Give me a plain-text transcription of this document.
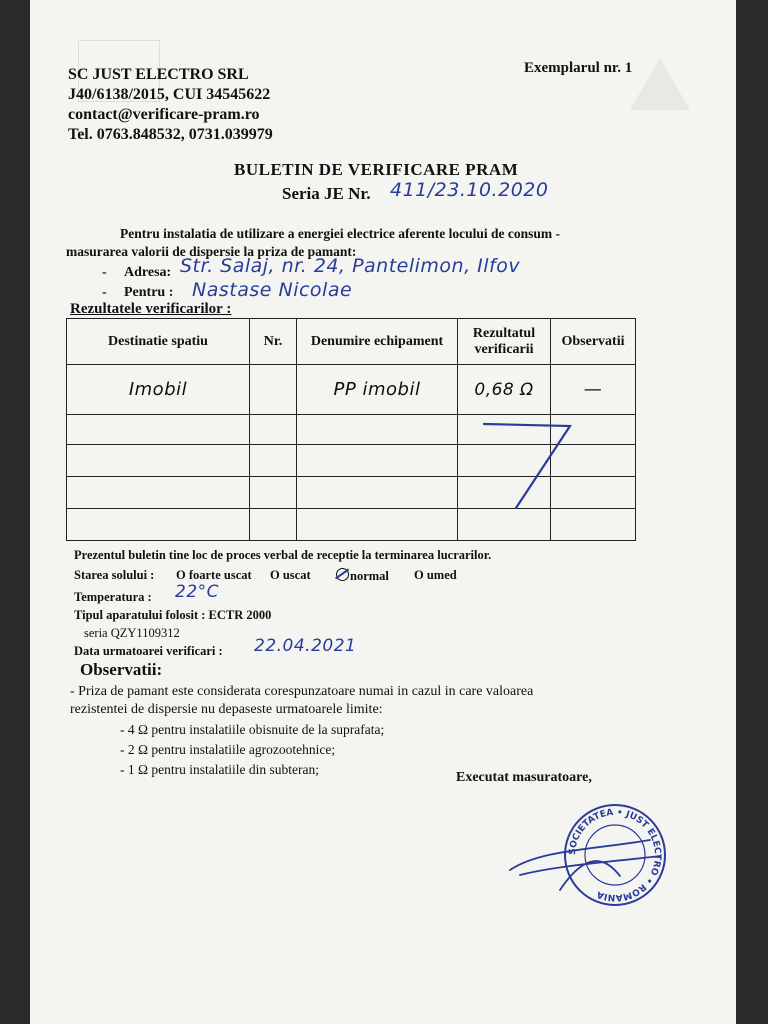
SC JUST ELECTRO SRL
J40/6138/2015, CUI 34545622
contact@verificare-pram.ro
Tel. 0763.848532, 0731.039979
Exemplarul nr. 1
BULETIN DE VERIFICARE PRAM
Seria JE Nr. 411/23.10.2020
Pentru instalatia de utilizare a energiei electrice aferente locului de consum -
masurarea valorii de dispersie la priza de pamant:
- Adresa: Str. Salaj, nr. 24, Pantelimon, Ilfov
- Pentru : Nastase Nicolae
Rezultatele verificarilor :
Destinatie spatiu	Nr.	Denumire echipament	Rezultatul verificarii	Observatii
Imobil		PP imobil	0,68 Ω	—

Prezentul buletin tine loc de proces verbal de receptie la terminarea lucrarilor.
Starea solului : O foarte uscat O uscat	normal O umed
Temperatura : 22°C
Tipul aparatului folosit : ECTR 2000
seria QZY1109312
Data urmatoarei verificari : 22.04.2021
Observatii:
- Priza de pamant este considerata corespunzatoare numai in cazul in care valoarea
rezistentei de dispersie nu depaseste urmatoarele limite:
- 4 Ω pentru instalatiile obisnuite de la suprafata;
- 2 Ω pentru instalatiile agrozootehnice;
- 1 Ω pentru instalatiile din subteran;
Executat masuratoare,
SOCIETATEA • JUST ELECTRO • ROMANIA
